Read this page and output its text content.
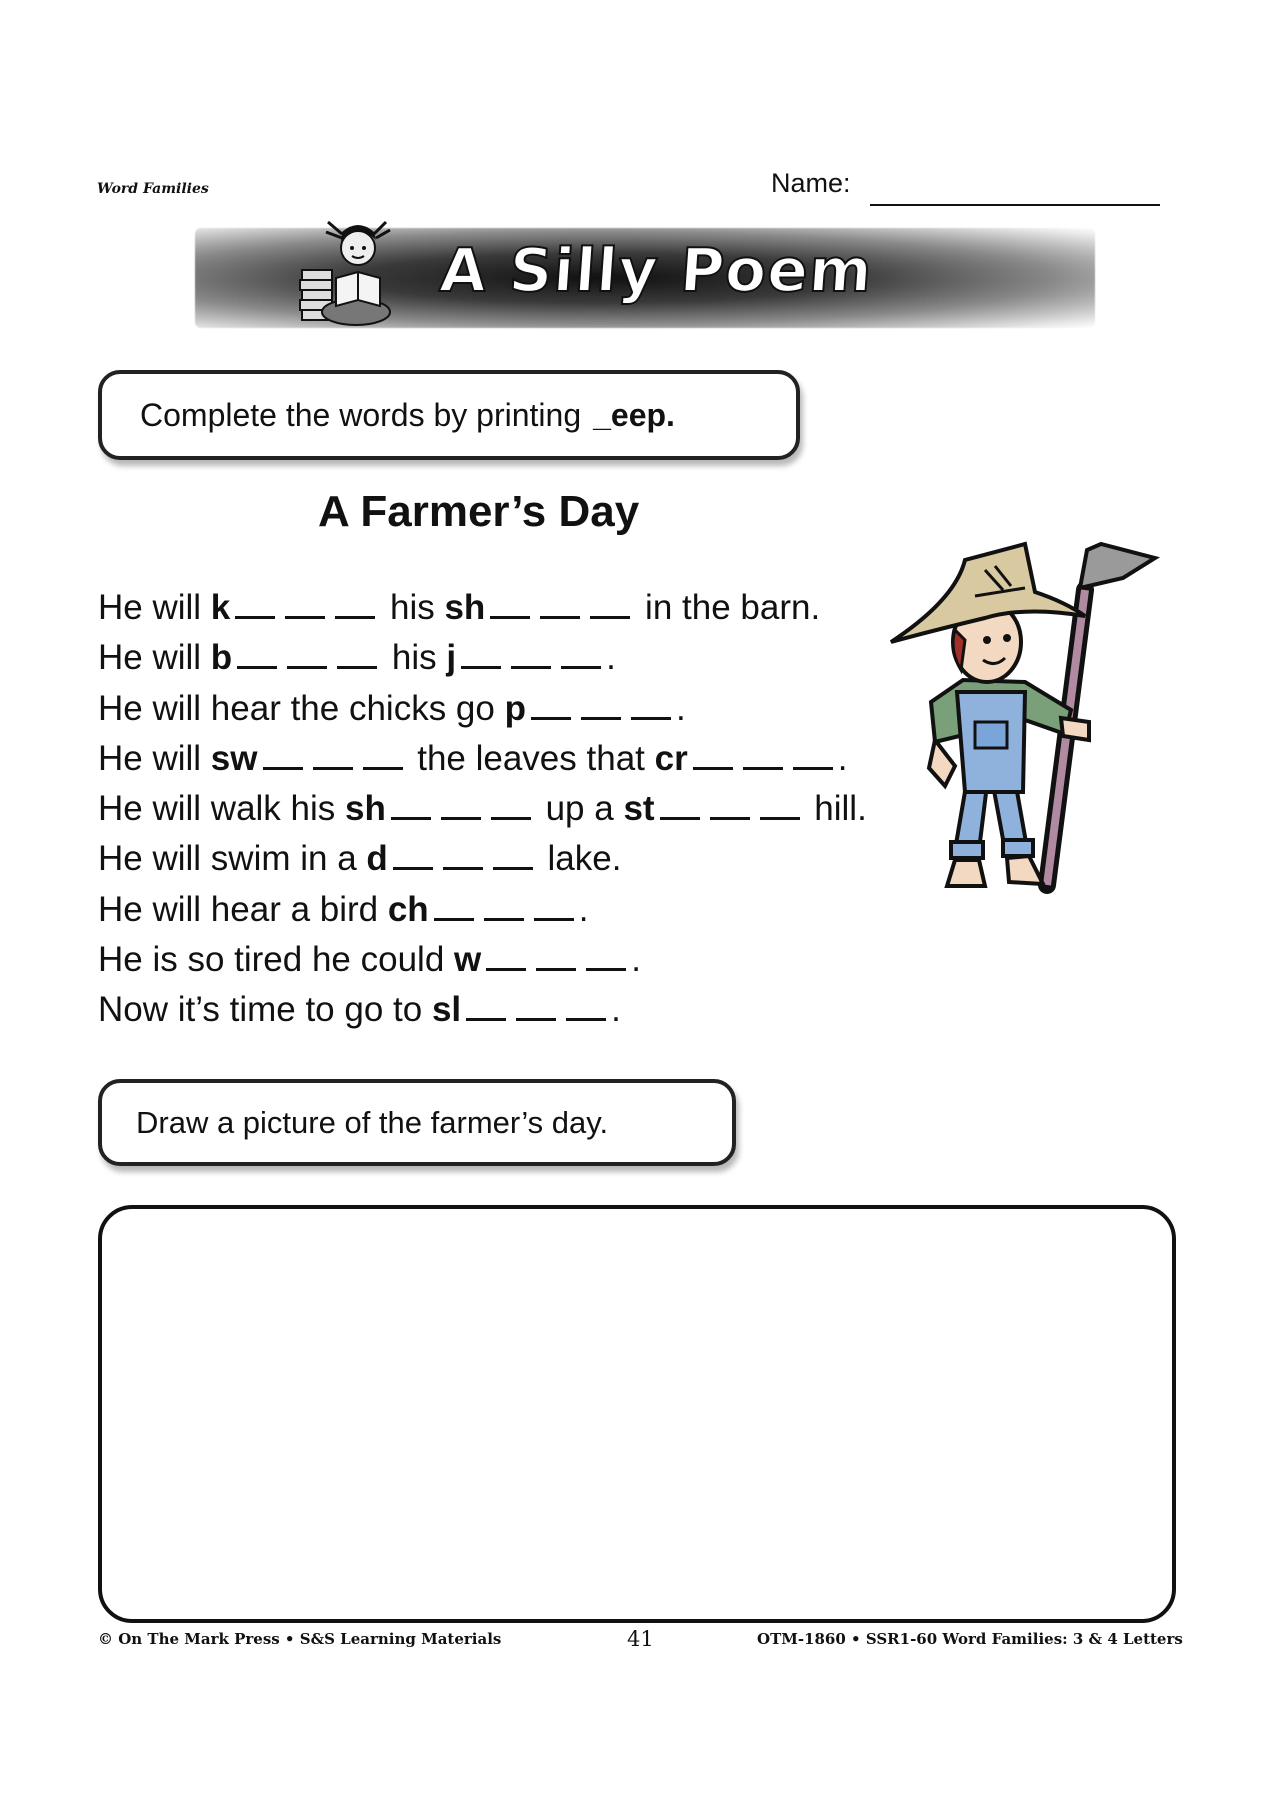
Word Families	Name:
A Silly Poem
Complete the words by printing _eep.
A Farmer’s Day
He will k	his sh	in the barn.
He will b	his j	.
He will hear the chicks go p	.
He will sw	the leaves that cr	.
He will walk his sh	up a st	hill.
He will swim in a d	lake.
He will hear a bird ch	.
He is so tired he could w	.
Now it’s time to go to sl	.
Draw a picture of the farmer’s day.
© On The Mark Press • S&S Learning Materials	41	OTM-1860 • SSR1-60 Word Families: 3 & 4 Letters
